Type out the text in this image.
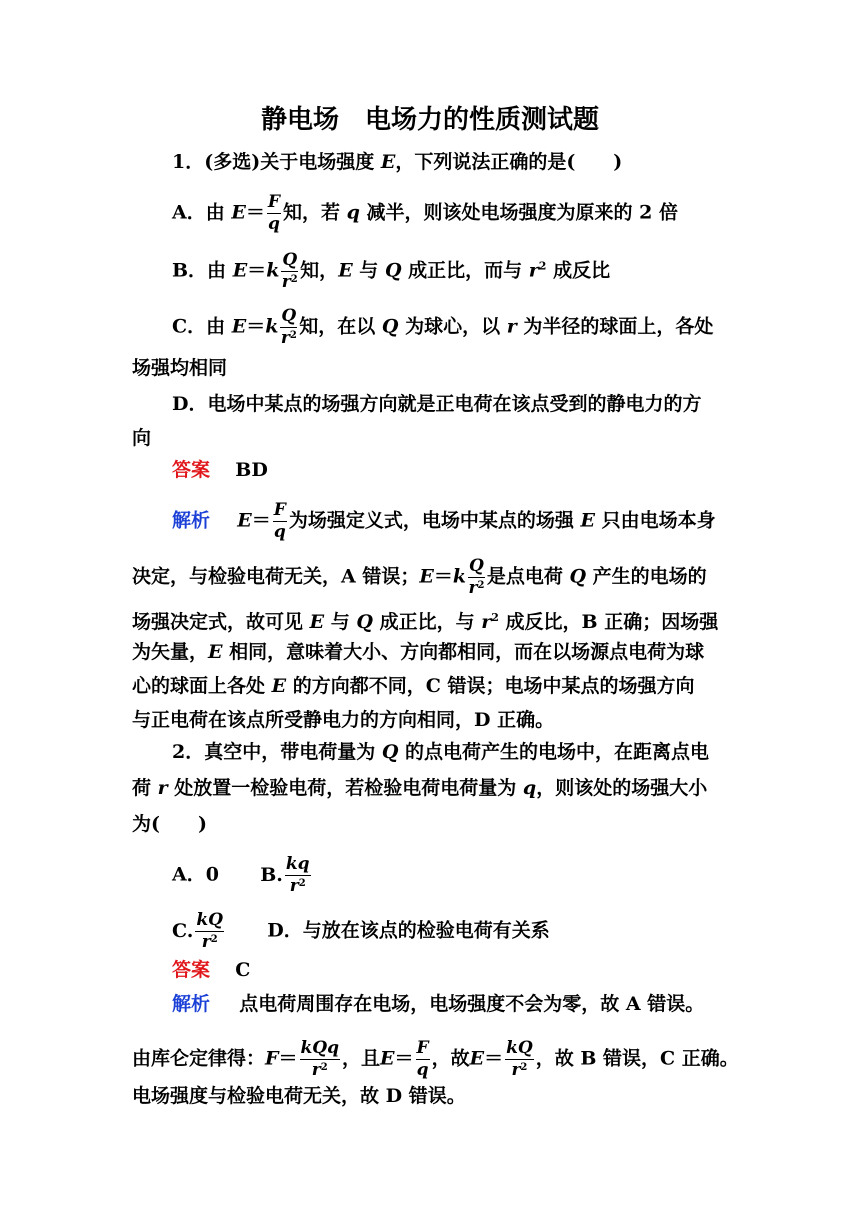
静电场　电场力的性质测试题
1．(多选)关于电场强度 E，下列说法正确的是(　　)
A．由 $E= \frac{F}{q}$ 知，若 q 减半，则该处电场强度为原来的 2 倍
B．由 $E=k \frac{Q}{r^2}$ 知，E 与 Q 成正比，而与 $r^2$ 成反比
C．由 $E=k \frac{Q}{r^2}$ 知，在以 Q 为球心，以 r 为半径的球面上，各处
场强均相同
D．电场中某点的场强方向就是正电荷在该点受到的静电力的方
向
答案 BD
解析 $E= \frac{F}{q}$ 为场强定义式，电场中某点的场强 E 只由电场本身
决定，与检验电荷无关，A 错误；$E=k \frac{Q}{r^2}$ 是点电荷 Q 产生的电场的
场强决定式，故可见 E 与 Q 成正比，与 $r^2$ 成反比，B 正确；因场强
为矢量，E 相同，意味着大小、方向都相同，而在以场源点电荷为球
心的球面上各处 E 的方向都不同，C 错误；电场中某点的场强方向
与正电荷在该点所受静电力的方向相同，D 正确。
2．真空中，带电荷量为 Q 的点电荷产生的电场中，在距离点电
荷 r 处放置一检验电荷，若检验电荷电荷量为 q，则该处的场强大小
为(　　)
A．0 B. $\frac{kq}{r^2}$
C. $\frac{kQ}{r^2}$ D．与放在该点的检验电荷有关系
答案 C
解析 点电荷周围存在电场，电场强度不会为零，故 A 错误。
由库仑定律得：$F= \frac{\text{kQq}}{r^2}$ ，且$E= \frac{F}{q}$ ，故$E= \frac{kQ}{r^2}$ ，故 B 错误，C 正确。
电场强度与检验电荷无关，故 D 错误。
